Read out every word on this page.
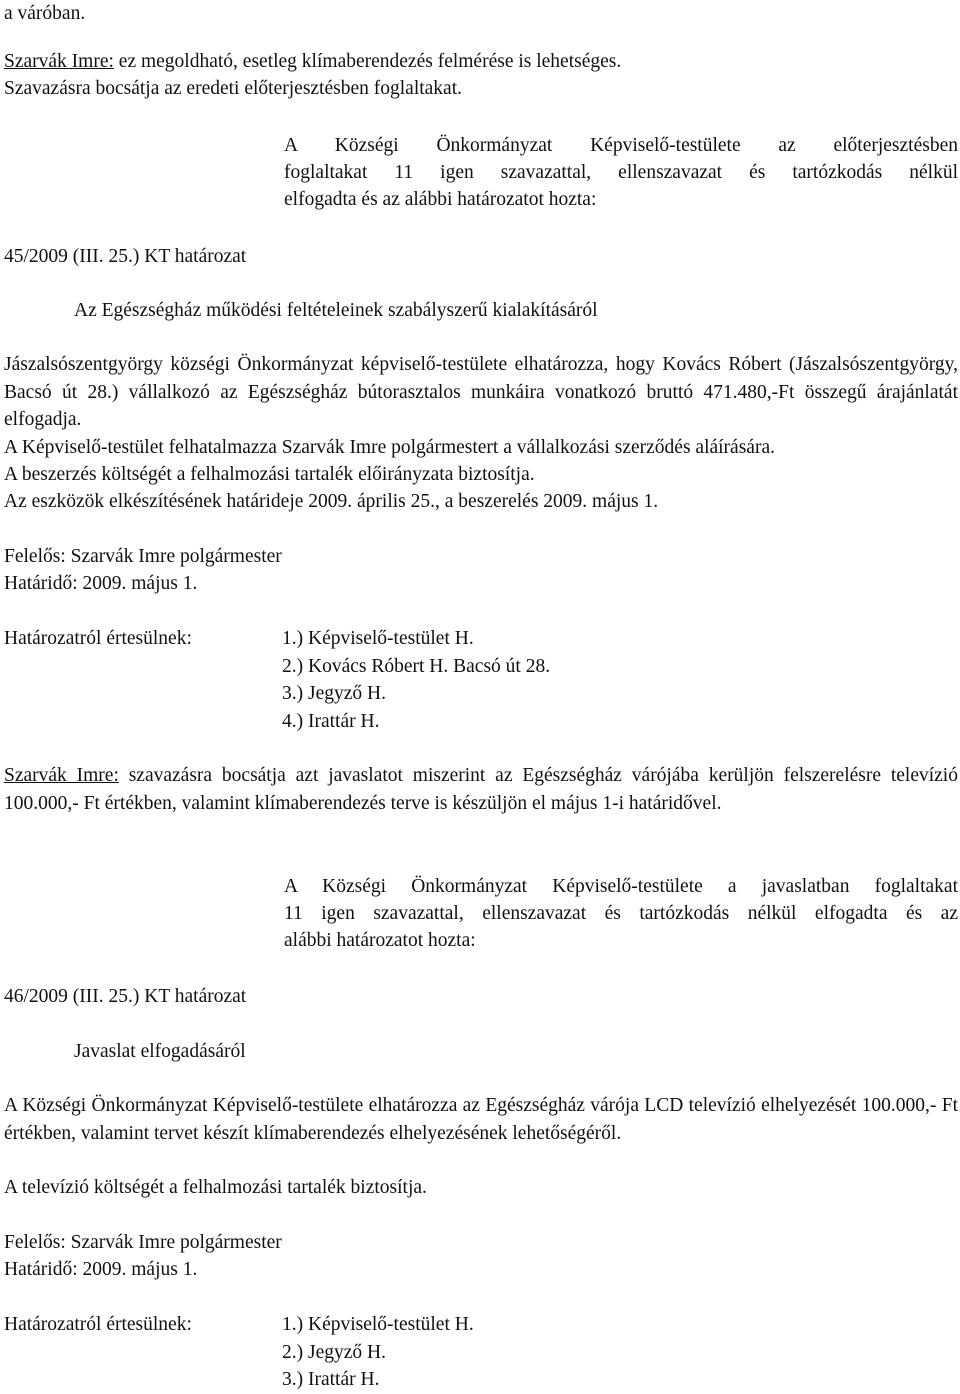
a váróban.
Szarvák Imre: ez megoldható, esetleg klímaberendezés felmérése is lehetséges.
Szavazásra bocsátja az eredeti előterjesztésben foglaltakat.
A Községi Önkormányzat Képviselő-testülete az előterjesztésben
foglaltakat 11 igen szavazattal, ellenszavazat és tartózkodás nélkül
elfogadta és az alábbi határozatot hozta:
45/2009 (III. 25.) KT határozat
Az Egészségház működési feltételeinek szabályszerű kialakításáról
Jászalsószentgyörgy községi Önkormányzat képviselő-testülete elhatározza, hogy Kovács Róbert (Jászalsószentgyörgy, Bacsó út 28.) vállalkozó az Egészségház bútorasztalos munkáira vonatkozó bruttó 471.480,-Ft összegű árajánlatát elfogadja.
A Képviselő-testület felhatalmazza Szarvák Imre polgármestert a vállalkozási szerződés aláírására.
A beszerzés költségét a felhalmozási tartalék előirányzata biztosítja.
Az eszközök elkészítésének határideje 2009. április 25., a beszerelés 2009. május 1.
Felelős: Szarvák Imre polgármester
Határidő: 2009. május 1.
Határozatról értesülnek:	1.) Képviselő-testület H.
2.) Kovács Róbert H. Bacsó út 28.
3.) Jegyző H.
4.) Irattár H.
Szarvák Imre: szavazásra bocsátja azt javaslatot miszerint az Egészségház várójába kerüljön felszerelésre televízió 100.000,- Ft értékben, valamint klímaberendezés terve is készüljön el május 1-i határidővel.
A Községi Önkormányzat Képviselő-testülete a javaslatban foglaltakat
11 igen szavazattal, ellenszavazat és tartózkodás nélkül elfogadta és az
alábbi határozatot hozta:
46/2009 (III. 25.) KT határozat
Javaslat elfogadásáról
A Községi Önkormányzat Képviselő-testülete elhatározza az Egészségház várója LCD televízió elhelyezését 100.000,- Ft értékben, valamint tervet készít klímaberendezés elhelyezésének lehetőségéről.
A televízió költségét a felhalmozási tartalék biztosítja.
Felelős: Szarvák Imre polgármester
Határidő: 2009. május 1.
Határozatról értesülnek:	1.) Képviselő-testület H.
2.) Jegyző H.
3.) Irattár H.
